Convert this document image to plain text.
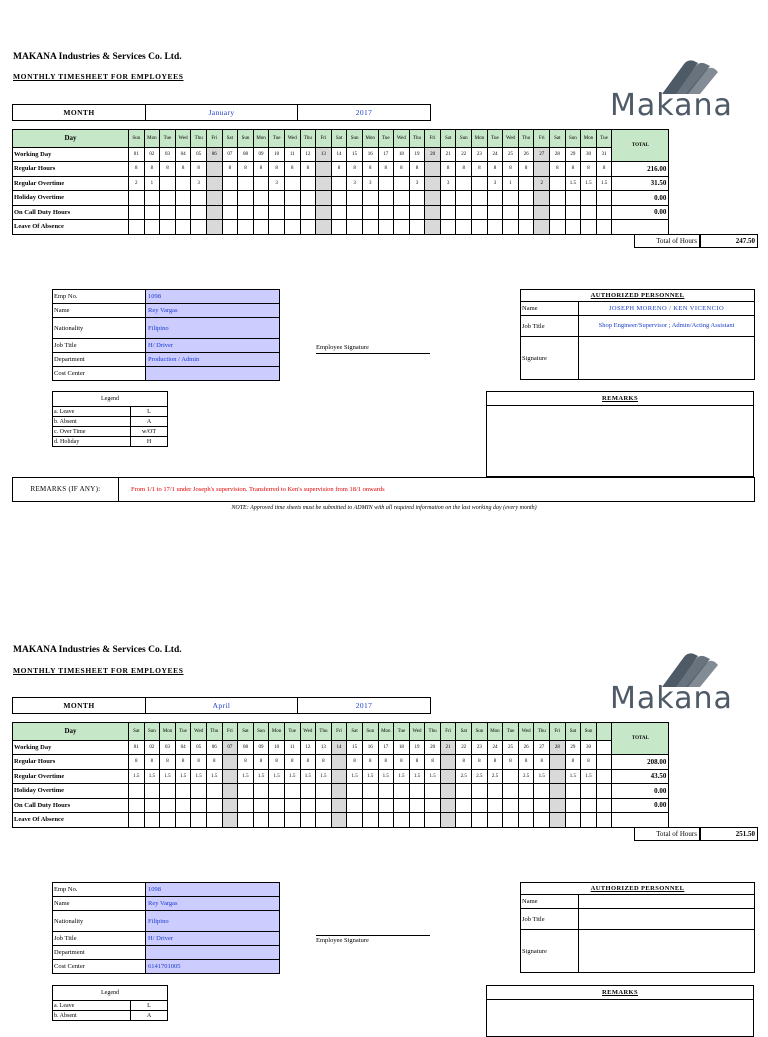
MAKANA Industries & Services Co. Ltd.
MONTHLY TIMESHEET FOR EMPLOYEES
MONTH	January	2017	Makana
Day	Sun	Mon	Tue	Wed	Thu	Fri	Sat	Sun	Mon	Tue	Wed	Thu	Fri	Sat	Sun	Mon	Tue	Wed	Thu	Fri	Sat	Sun	Mon	Tue	Wed	Thu	Fri	Sat	Sun	Mon	Tue	TOTAL
Working Day	01	02	03	04	05	06	07	08	09	10	11	12	13	14	15	16	17	18	19	20	21	22	23	24	25	26	27	28	29	30	31	
Regular Hours	8	8	8	8	8		8	8	8	8	8	8		8	8	8	8	8	8		8	8	8	8	8	8		8	8	8	8	216.00
Regular Overtime	2	1			3					3					3	3			3		3			3	1		2		1.5	1.5	1.5	31.50
Holiday Overtime																																0.00
On Call Duty Hours																																0.00
Leave Of Absence																																
Total of Hours	247.50
Emp No.	1098
Name	Rey Vargas
Nationality	Filipino
Job Title	H/ Driver
Department	Production / Admin
Cost Center	
Employee Signature
AUTHORIZED PERSONNEL	
Name	JOSEPH MORENO / KEN VICENCIO
Job Title	Shop Engineer/Supervisor ; Admin/Acting Assistant
Signature	
Legend	
a. Leave	L
b. Absent	A
c. Over Time	w/OT
d. Holiday	H
REMARKS
REMARKS (IF ANY):	From 1/1 to 17/1 under Joseph's supervision. Transferred to Ken's supervision from 18/1 onwards
NOTE: Approved time sheets must be submitted to ADMIN with all required information on the last working day (every month)
MAKANA Industries & Services Co. Ltd.
MONTHLY TIMESHEET FOR EMPLOYEES
MONTH	April	2017	Makana
Day	Sat	Sun	Mon	Tue	Wed	Thu	Fri	Sat	Sun	Mon	Tue	Wed	Thu	Fri	Sat	Sun	Mon	Tue	Wed	Thu	Fri	Sat	Sun	Mon	Tue	Wed	Thu	Fri	Sat	Sun		TOTAL
Working Day	01	02	03	04	05	06	07	08	09	10	11	12	13	14	15	16	17	18	19	20	21	22	23	24	25	26	27	28	29	30		
Regular Hours	8	8	8	8	8	8		8	8	8	8	8	8		8	8	8	8	8	8		8	8	8	8	8	8		8	8		208.00
Regular Overtime	1.5	1.5	1.5	1.5	1.5	1.5		1.5	1.5	1.5	1.5	1.5	1.5		1.5	1.5	1.5	1.5	1.5	1.5		2.5	2.5	2.5		2.5	1.5		1.5	1.5		43.50
Holiday Overtime																																0.00
On Call Duty Hours																																0.00
Leave Of Absence																																
Total of Hours	251.50
Emp No.	1098
Name	Rey Vargas
Nationality	Filipino
Job Title	H/ Driver
Department	
Cost Center	6141701005
Employee Signature
AUTHORIZED PERSONNEL	
Name	
Job Title	
Signature	
Legend	
a. Leave	L
b. Absent	A
REMARKS
